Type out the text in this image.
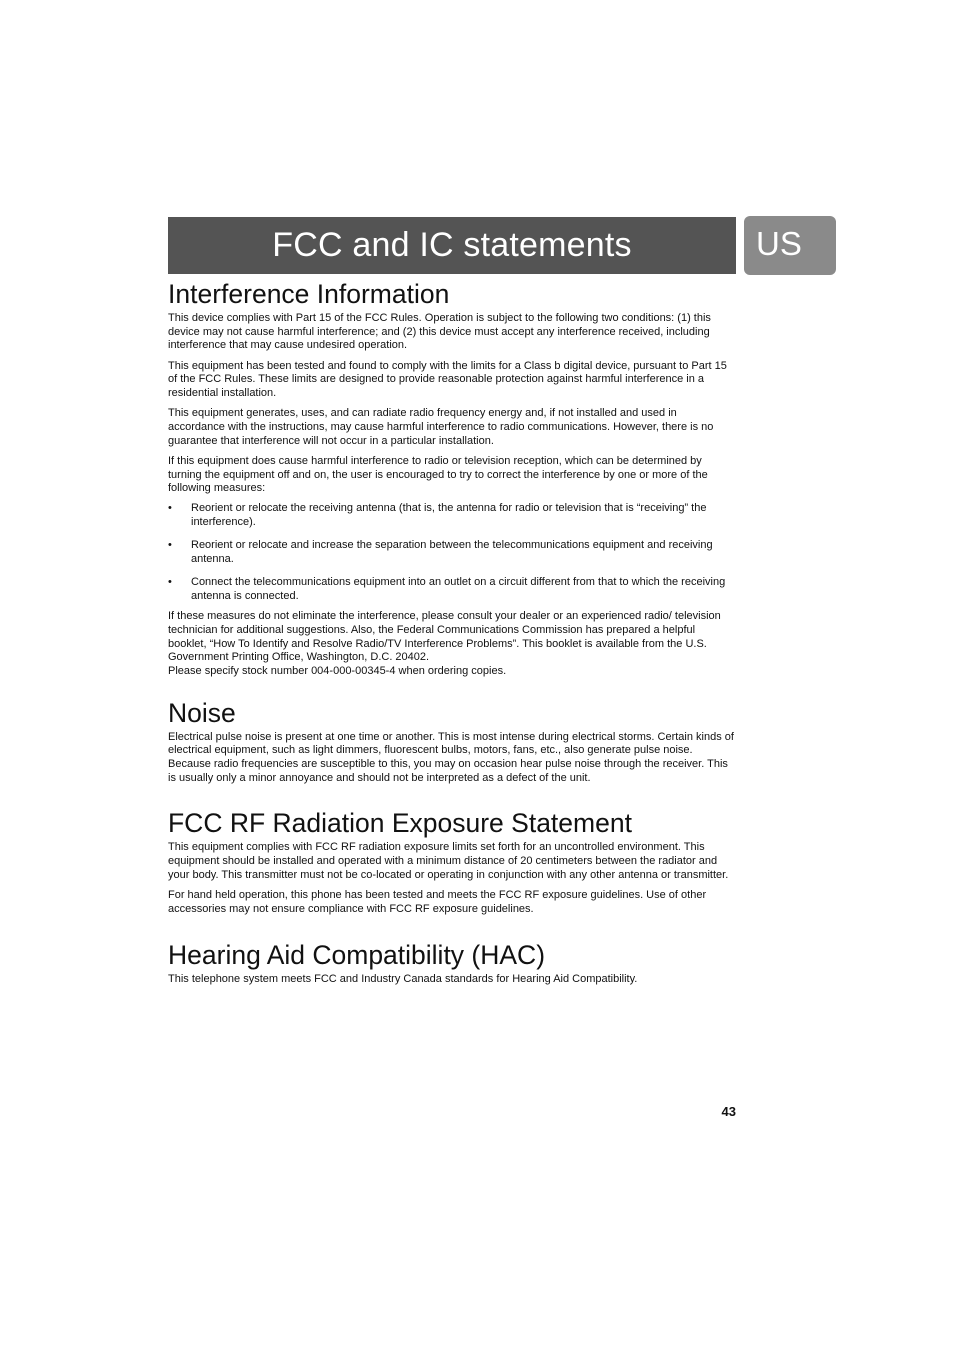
FCC and IC statements	US
Interference Information

This device complies with Part 15 of the FCC Rules. Operation is subject to the following two conditions: (1) this device may not cause harmful interference; and (2) this device must accept any interference received, including interference that may cause undesired operation.

This equipment has been tested and found to comply with the limits for a Class b digital device, pursuant to Part 15 of the FCC Rules. These limits are designed to provide reasonable protection against harmful interference in a residential installation.

This equipment generates, uses, and can radiate radio frequency energy and, if not installed and used in accordance with the instructions, may cause harmful interference to radio communications. However, there is no guarantee that interference will not occur in a particular installation.

If this equipment does cause harmful interference to radio or television reception, which can be determined by turning the equipment off and on, the user is encouraged to try to correct the interference by one or more of the following measures:

• Reorient or relocate the receiving antenna (that is, the antenna for radio or television that is “receiving” the interference).
• Reorient or relocate and increase the separation between the telecommunications equipment and receiving antenna.
• Connect the telecommunications equipment into an outlet on a circuit different from that to which the receiving antenna is connected.

If these measures do not eliminate the interference, please consult your dealer or an experienced radio/ television technician for additional suggestions. Also, the Federal Communications Commission has prepared a helpful booklet, “How To Identify and Resolve Radio/TV Interference Problems”. This booklet is available from the U.S. Government Printing Office, Washington, D.C. 20402.

Please specify stock number 004-000-00345-4 when ordering copies.

Noise

Electrical pulse noise is present at one time or another. This is most intense during electrical storms. Certain kinds of electrical equipment, such as light dimmers, fluorescent bulbs, motors, fans, etc., also generate pulse noise. Because radio frequencies are susceptible to this, you may on occasion hear pulse noise through the receiver. This is usually only a minor annoyance and should not be interpreted as a defect of the unit.

FCC RF Radiation Exposure Statement

This equipment complies with FCC RF radiation exposure limits set forth for an uncontrolled environment. This equipment should be installed and operated with a minimum distance of 20 centimeters between the radiator and your body. This transmitter must not be co-located or operating in conjunction with any other antenna or transmitter.

For hand held operation, this phone has been tested and meets the FCC RF exposure guidelines. Use of other accessories may not ensure compliance with FCC RF exposure guidelines.

Hearing Aid Compatibility (HAC)

This telephone system meets FCC and Industry Canada standards for Hearing Aid Compatibility.

43
